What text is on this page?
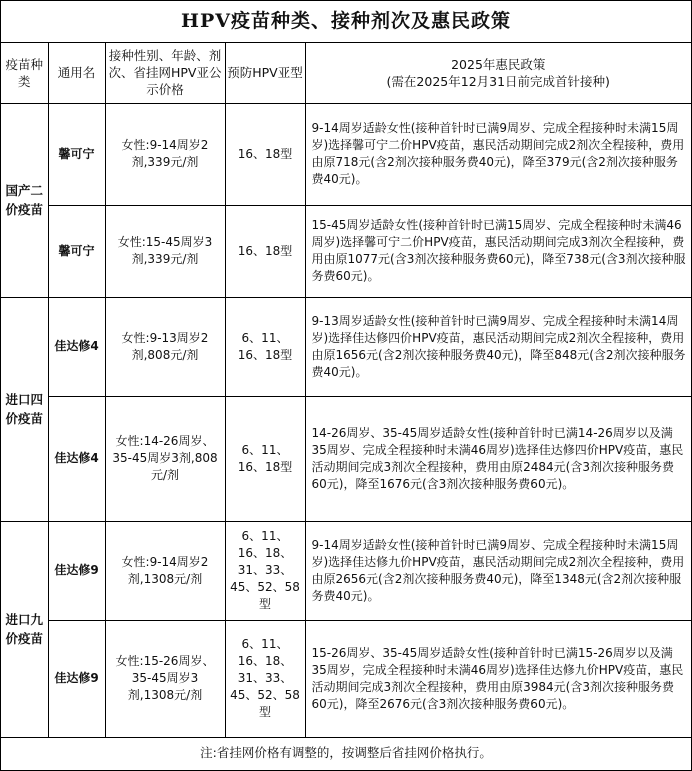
HPV疫苗种类、接种剂次及惠民政策
疫苗种类	通用名	接种性别、年龄、剂次、省挂网HPV亚公示价格	预防HPV亚型	2025年惠民政策
(需在2025年12月31日前完成首针接种)

国产二价疫苗	馨可宁	女性:9-14周岁2剂,339元/剂	16、18型	9-14周岁适龄女性(接种首针时已满9周岁、完成全程接种时未满15周岁)选择馨可宁二价HPV疫苗，惠民活动期间完成2剂次全程接种，费用由原718元(含2剂次接种服务费40元)，降至379元(含2剂次接种服务费40元)。
	馨可宁	女性:15-45周岁3剂,339元/剂	16、18型	15-45周岁适龄女性(接种首针时已满15周岁、完成全程接种时未满46周岁)选择馨可宁二价HPV疫苗，惠民活动期间完成3剂次全程接种，费用由原1077元(含3剂次接种服务费60元)，降至738元(含3剂次接种服务费60元)。
进口四价疫苗	佳达修4	女性:9-13周岁2剂,808元/剂	6、11、16、18型	9-13周岁适龄女性(接种首针时已满9周岁、完成全程接种时未满14周岁)选择佳达修四价HPV疫苗，惠民活动期间完成2剂次全程接种，费用由原1656元(含2剂次接种服务费40元)，降至848元(含2剂次接种服务费40元)。
	佳达修4	女性:14-26周岁、35-45周岁3剂,808元/剂	6、11、16、18型	14-26周岁、35-45周岁适龄女性(接种首针时已满14-26周岁以及满35周岁、完成全程接种时未满46周岁)选择佳达修四价HPV疫苗，惠民活动期间完成3剂次全程接种，费用由原2484元(含3剂次接种服务费60元)，降至1676元(含3剂次接种服务费60元)。
进口九价疫苗	佳达修9	女性:9-14周岁2剂,1308元/剂	6、11、16、18、31、33、45、52、58型	9-14周岁适龄女性(接种首针时已满9周岁、完成全程接种时未满15周岁)选择佳达修九价HPV疫苗，惠民活动期间完成2剂次全程接种，费用由原2656元(含2剂次接种服务费40元)，降至1348元(含2剂次接种服务费40元)。
	佳达修9	女性:15-26周岁、35-45周岁3剂,1308元/剂	6、11、16、18、31、33、45、52、58型	15-26周岁、35-45周岁适龄女性(接种首针时已满15-26周岁以及满35周岁，完成全程接种时未满46周岁)选择佳达修九价HPV疫苗，惠民活动期间完成3剂次全程接种，费用由原3984元(含3剂次接种服务费60元)，降至2676元(含3剂次接种服务费60元)。
注:省挂网价格有调整的，按调整后省挂网价格执行。
